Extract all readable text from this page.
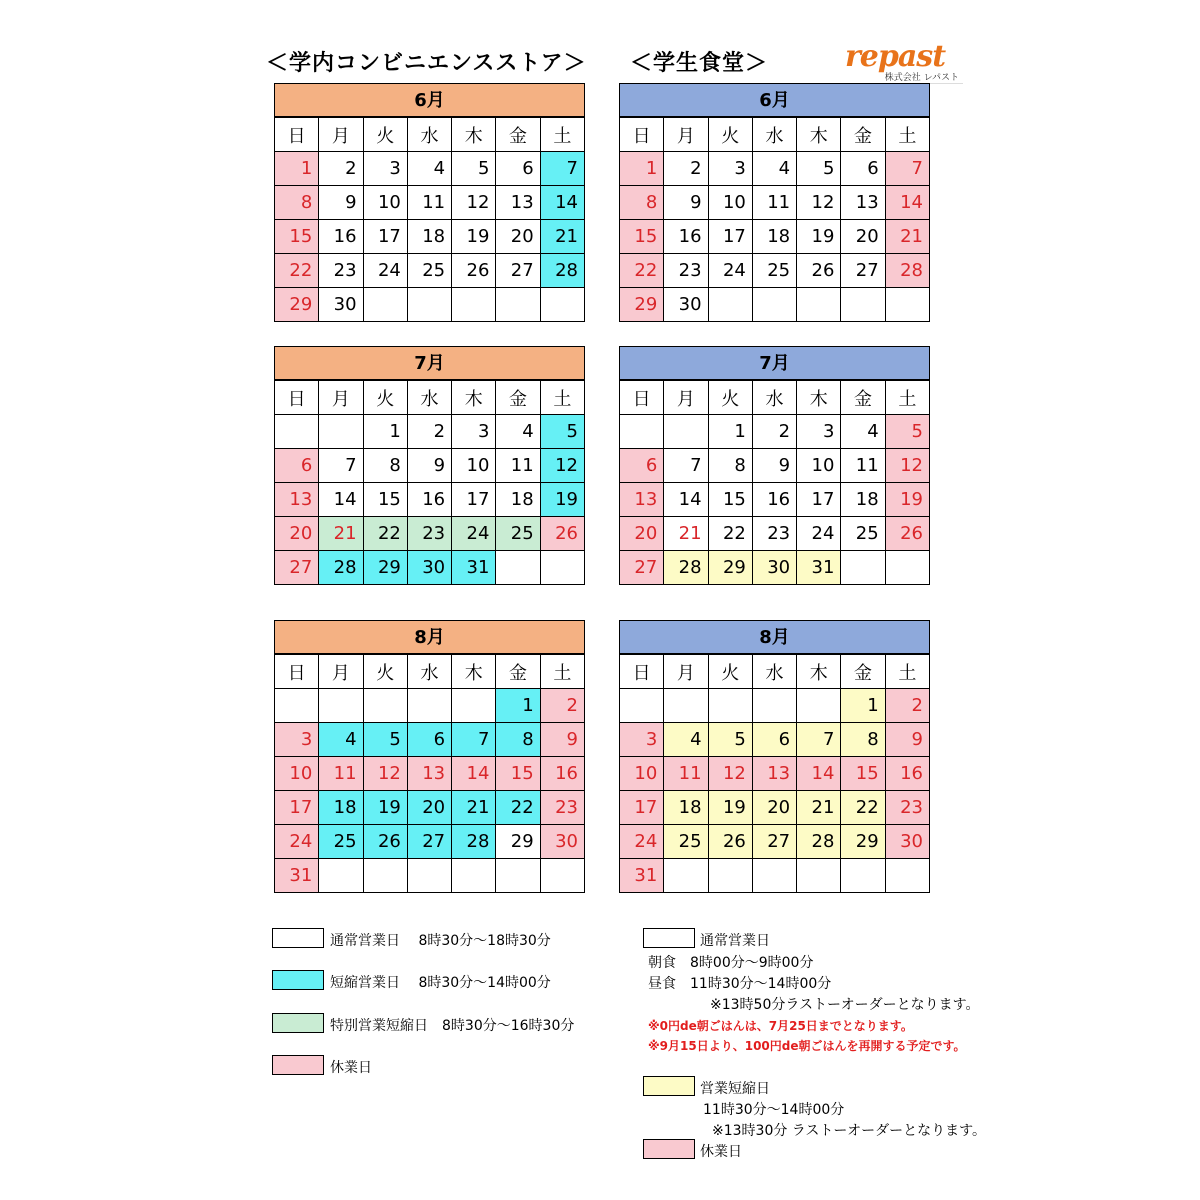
＜学内コンビニエンスストア＞ ＜学生食堂＞	repast
株式会社 レパスト
6月
日	月	火	水	木	金	土
1	2	3	4	5	6	7
8	9	10	11	12	13	14
15	16	17	18	19	20	21
22	23	24	25	26	27	28
29	30					
7月
日	月	火	水	木	金	土
		1	2	3	4	5
6	7	8	9	10	11	12
13	14	15	16	17	18	19
20	21	22	23	24	25	26
27	28	29	30	31		
8月
日	月	火	水	木	金	土
					1	2
3	4	5	6	7	8	9
10	11	12	13	14	15	16
17	18	19	20	21	22	23
24	25	26	27	28	29	30
31						
6月
日	月	火	水	木	金	土
1	2	3	4	5	6	7
8	9	10	11	12	13	14
15	16	17	18	19	20	21
22	23	24	25	26	27	28
29	30					
7月
日	月	火	水	木	金	土
		1	2	3	4	5
6	7	8	9	10	11	12
13	14	15	16	17	18	19
20	21	22	23	24	25	26
27	28	29	30	31		
8月
日	月	火	水	木	金	土
					1	2
3	4	5	6	7	8	9
10	11	12	13	14	15	16
17	18	19	20	21	22	23
24	25	26	27	28	29	30
31						
通常営業日　 8時30分～18時30分
短縮営業日　 8時30分～14時00分
特別営業短縮日　8時30分～16時30分
休業日
通常営業日
朝食　8時00分～9時00分
昼食　11時30分～14時00分
※13時50分ラストーオーダーとなります。
※0円de朝ごはんは、7月25日までとなります。
※9月15日より、100円de朝ごはんを再開する予定です。
営業短縮日
11時30分～14時00分
※13時30分 ラストーオーダーとなります。
休業日
